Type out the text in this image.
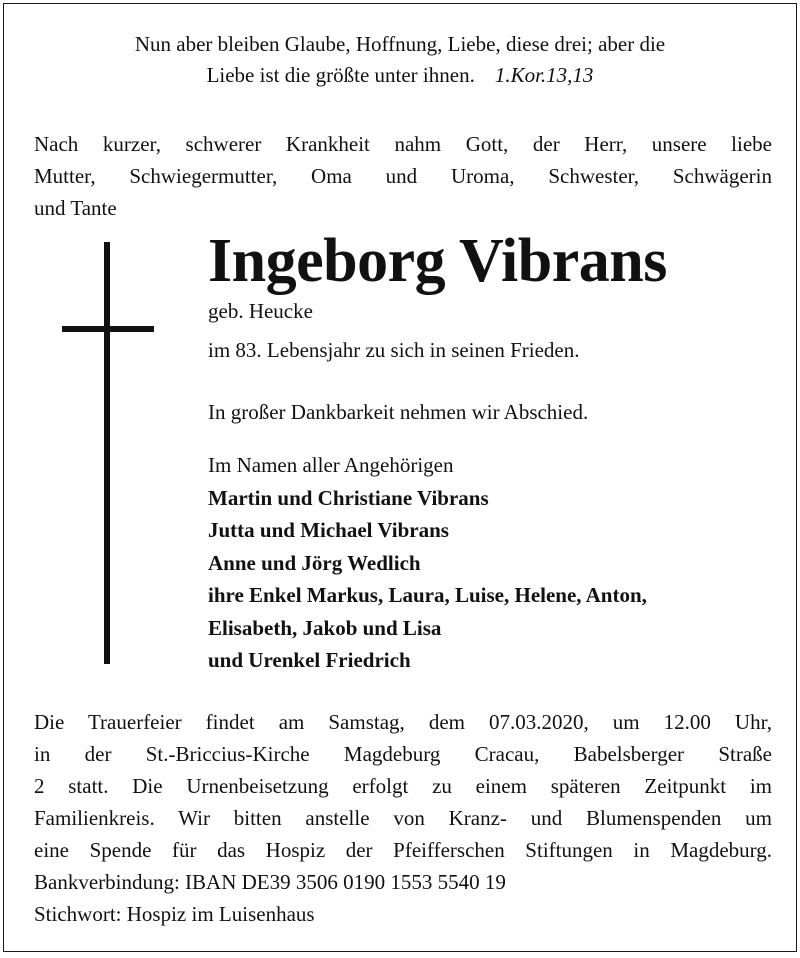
Nun aber bleiben Glaube, Hoffnung, Liebe, diese drei; aber die
Liebe ist die größte unter ihnen. 1.Kor.13,13
Nach kurzer, schwerer Krankheit nahm Gott, der Herr, unsere liebe
Mutter, Schwiegermutter, Oma und Uroma, Schwester, Schwägerin
und Tante
Ingeborg Vibrans
geb. Heucke
im 83. Lebensjahr zu sich in seinen Frieden.
In großer Dankbarkeit nehmen wir Abschied.
Im Namen aller Angehörigen
Martin und Christiane Vibrans
Jutta und Michael Vibrans
Anne und Jörg Wedlich
ihre Enkel Markus, Laura, Luise, Helene, Anton,
Elisabeth, Jakob und Lisa
und Urenkel Friedrich
Die Trauerfeier findet am Samstag, dem 07.03.2020, um 12.00 Uhr,
in der St.-Briccius-Kirche Magdeburg Cracau, Babelsberger Straße
2 statt. Die Urnenbeisetzung erfolgt zu einem späteren Zeitpunkt im
Familienkreis. Wir bitten anstelle von Kranz- und Blumenspenden um
eine Spende für das Hospiz der Pfeifferschen Stiftungen in Magdeburg.
Bankverbindung: IBAN DE39 3506 0190 1553 5540 19
Stichwort: Hospiz im Luisenhaus
